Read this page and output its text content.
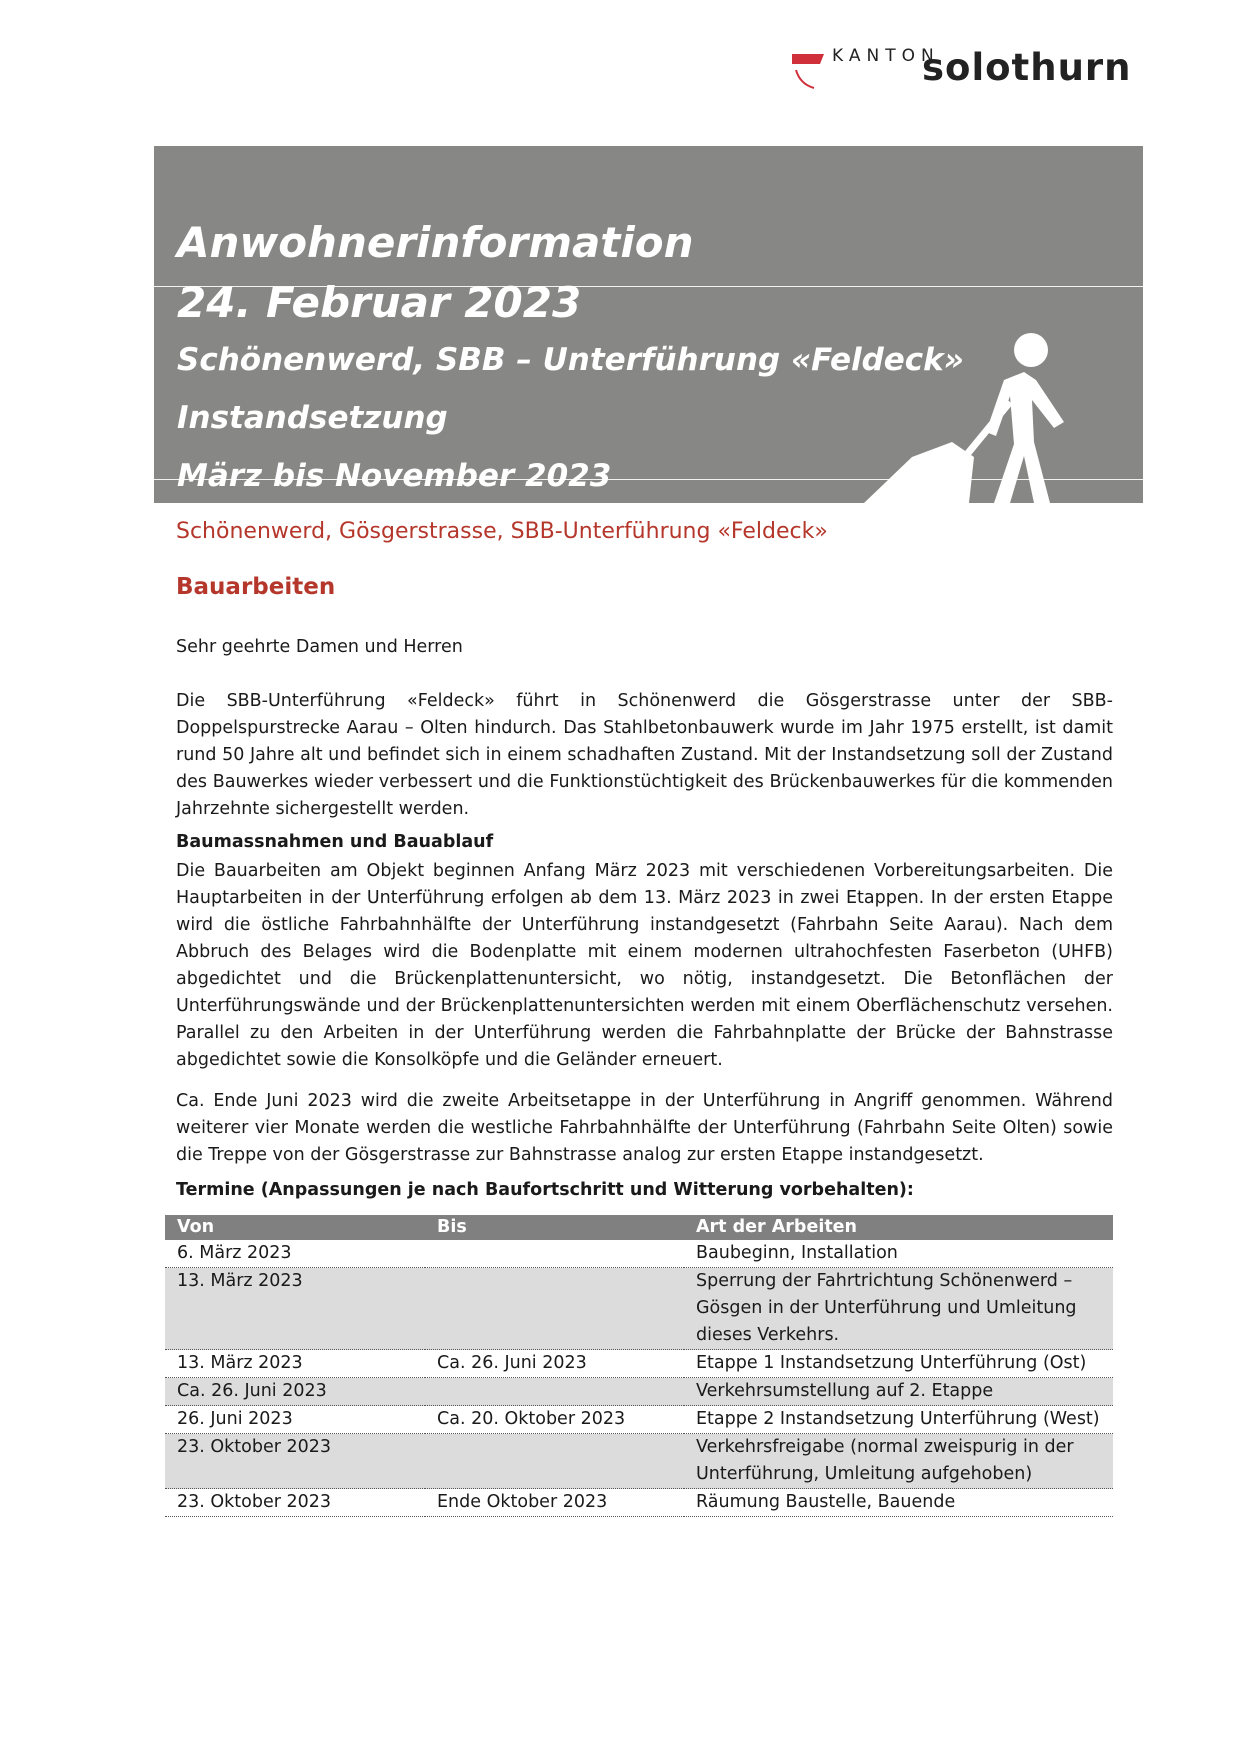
KANTON
solothurn
Anwohnerinformation
24. Februar 2023
Schönenwerd, SBB – Unterführung «Feldeck»
Instandsetzung
März bis November 2023
Schönenwerd, Gösgerstrasse, SBB-Unterführung «Feldeck»
Bauarbeiten
Sehr geehrte Damen und Herren
Die SBB-Unterführung «Feldeck» führt in Schönenwerd die Gösgerstrasse unter der SBB-Doppelspurstrecke Aarau – Olten hindurch. Das Stahlbetonbauwerk wurde im Jahr 1975 erstellt, ist damit rund 50 Jahre alt und befindet sich in einem schadhaften Zustand. Mit der Instandsetzung soll der Zustand des Bauwerkes wieder verbessert und die Funktionstüchtigkeit des Brückenbauwerkes für die kommenden Jahrzehnte sichergestellt werden.
Baumassnahmen und Bauablauf
Die Bauarbeiten am Objekt beginnen Anfang März 2023 mit verschiedenen Vorbereitungsarbeiten. Die Hauptarbeiten in der Unterführung erfolgen ab dem 13. März 2023 in zwei Etappen. In der ersten Etappe wird die östliche Fahrbahnhälfte der Unterführung instandgesetzt (Fahrbahn Seite Aarau). Nach dem Abbruch des Belages wird die Bodenplatte mit einem modernen ultrahochfesten Faserbeton (UHFB) abgedichtet und die Brückenplattenuntersicht, wo nötig, instandgesetzt. Die Betonflächen der Unterführungswände und der Brückenplattenuntersichten werden mit einem Oberflächenschutz versehen. Parallel zu den Arbeiten in der Unterführung werden die Fahrbahnplatte der Brücke der Bahnstrasse abgedichtet sowie die Konsolköpfe und die Geländer erneuert.
Ca. Ende Juni 2023 wird die zweite Arbeitsetappe in der Unterführung in Angriff genommen. Während weiterer vier Monate werden die westliche Fahrbahnhälfte der Unterführung (Fahrbahn Seite Olten) sowie die Treppe von der Gösgerstrasse zur Bahnstrasse analog zur ersten Etappe instandgesetzt.
Termine (Anpassungen je nach Baufortschritt und Witterung vorbehalten):
Von	Bis	Art der Arbeiten
6. März 2023		Baubeginn, Installation
13. März 2023		Sperrung der Fahrtrichtung Schönenwerd – Gösgen in der Unterführung und Umleitung dieses Verkehrs.
13. März 2023	Ca. 26. Juni 2023	Etappe 1 Instandsetzung Unterführung (Ost)
Ca. 26. Juni 2023		Verkehrsumstellung auf 2. Etappe
26. Juni 2023	Ca. 20. Oktober 2023	Etappe 2 Instandsetzung Unterführung (West)
23. Oktober 2023		Verkehrsfreigabe (normal zweispurig in der Unterführung, Umleitung aufgehoben)
23. Oktober 2023	Ende Oktober 2023	Räumung Baustelle, Bauende
